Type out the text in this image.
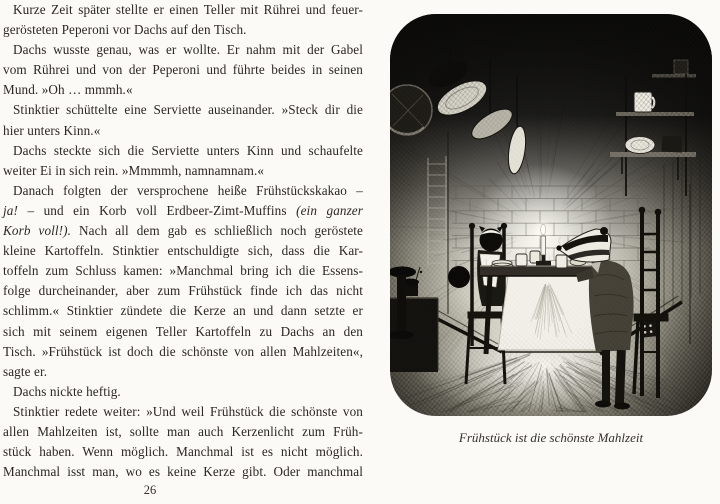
Kurze Zeit später stellte er einen Teller mit Rührei und feuer-
gerösteten Peperoni vor Dachs auf den Tisch.
Dachs wusste genau, was er wollte. Er nahm mit der Gabel
vom Rührei und von der Peperoni und führte beides in seinen
Mund. »Oh … mmmh.«
Stinktier schüttelte eine Serviette auseinander. »Steck dir die
hier unters Kinn.«
Dachs steckte sich die Serviette unters Kinn und schaufelte
weiter Ei in sich rein. »Mmmmh, namnamnam.«
Danach folgten der versprochene heiße Frühstückskakao –
ja! – und ein Korb voll Erdbeer-Zimt-Muffins (ein ganzer
Korb voll!). Nach all dem gab es schließlich noch geröstete
kleine Kartoffeln. Stinktier entschuldigte sich, dass die Kar-
toffeln zum Schluss kamen: »Manchmal bring ich die Essens-
folge durcheinander, aber zum Frühstück finde ich das nicht
schlimm.« Stinktier zündete die Kerze an und dann setzte er
sich mit seinem eigenen Teller Kartoffeln zu Dachs an den
Tisch. »Frühstück ist doch die schönste von allen Mahlzeiten«,
sagte er.
Dachs nickte heftig.
Stinktier redete weiter: »Und weil Frühstück die schönste von
allen Mahlzeiten ist, sollte man auch Kerzenlicht zum Früh-
stück haben. Wenn möglich. Manchmal ist es nicht möglich.
Manchmal isst man, wo es keine Kerze gibt. Oder manchmal
Frühstück ist die schönste Mahlzeit
26
